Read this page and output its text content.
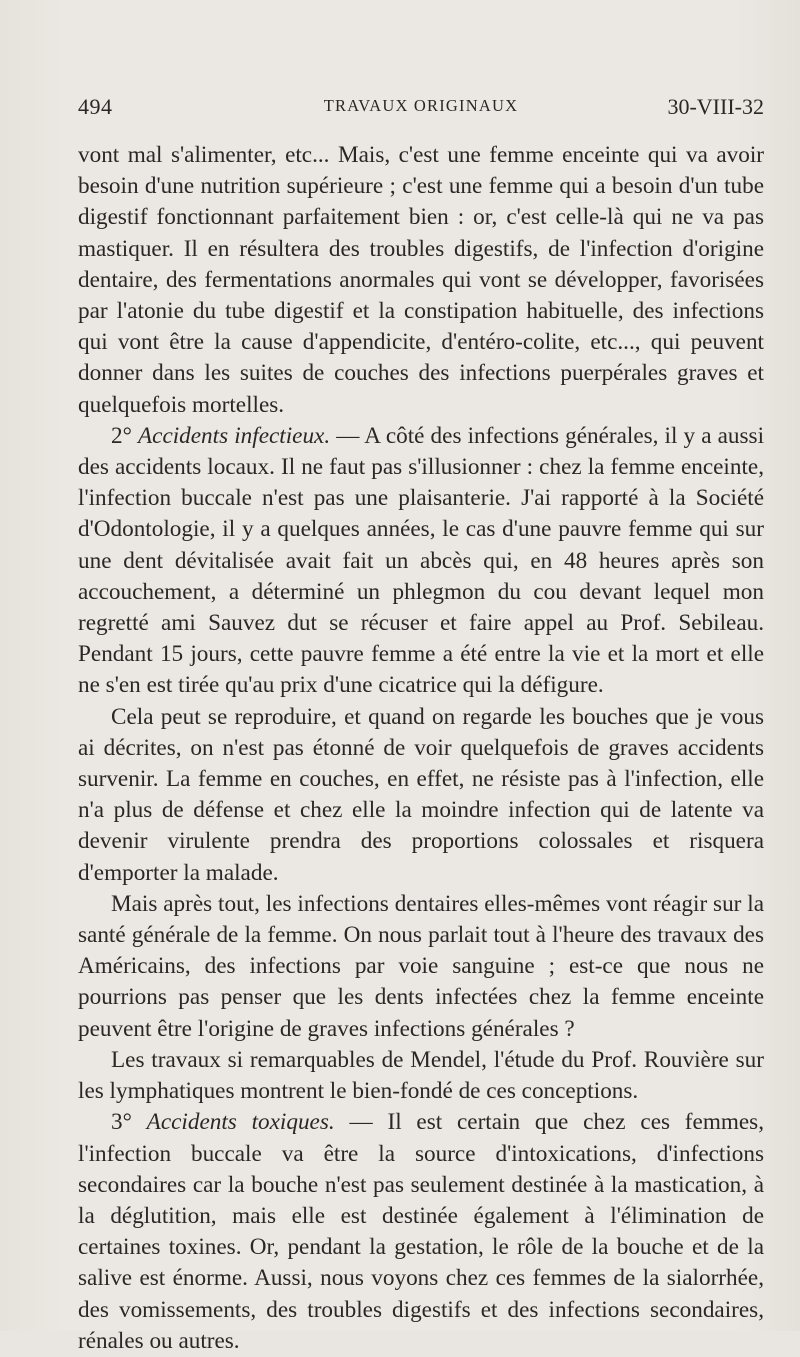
494	TRAVAUX ORIGINAUX	30-VIII-32

vont mal s'alimenter, etc... Mais, c'est une femme enceinte qui va avoir besoin d'une nutrition supérieure ; c'est une femme qui a besoin d'un tube digestif fonctionnant parfaitement bien : or, c'est celle-là qui ne va pas mastiquer. Il en résultera des troubles digestifs, de l'infection d'origine dentaire, des fermentations anormales qui vont se développer, favorisées par l'atonie du tube digestif et la constipation habituelle, des infections qui vont être la cause d'appendicite, d'entéro-colite, etc..., qui peuvent donner dans les suites de couches des infections puerpérales graves et quelquefois mortelles.

2° Accidents infectieux. — A côté des infections générales, il y a aussi des accidents locaux. Il ne faut pas s'illusionner : chez la femme enceinte, l'infection buccale n'est pas une plaisanterie. J'ai rapporté à la Société d'Odontologie, il y a quelques années, le cas d'une pauvre femme qui sur une dent dévitalisée avait fait un abcès qui, en 48 heures après son accouchement, a déterminé un phlegmon du cou devant lequel mon regretté ami Sauvez dut se récuser et faire appel au Prof. Sebileau. Pendant 15 jours, cette pauvre femme a été entre la vie et la mort et elle ne s'en est tirée qu'au prix d'une cicatrice qui la défigure.

Cela peut se reproduire, et quand on regarde les bouches que je vous ai décrites, on n'est pas étonné de voir quelquefois de graves accidents survenir. La femme en couches, en effet, ne résiste pas à l'infection, elle n'a plus de défense et chez elle la moindre infection qui de latente va devenir virulente prendra des proportions colossales et risquera d'emporter la malade.

Mais après tout, les infections dentaires elles-mêmes vont réagir sur la santé générale de la femme. On nous parlait tout à l'heure des travaux des Américains, des infections par voie sanguine ; est-ce que nous ne pourrions pas penser que les dents infectées chez la femme enceinte peuvent être l'origine de graves infections générales ?

Les travaux si remarquables de Mendel, l'étude du Prof. Rouvière sur les lymphatiques montrent le bien-fondé de ces conceptions.

3° Accidents toxiques. — Il est certain que chez ces femmes, l'infection buccale va être la source d'intoxications, d'infections secondaires car la bouche n'est pas seulement destinée à la mastication, à la déglutition, mais elle est destinée également à l'élimination de certaines toxines. Or, pendant la gestation, le rôle de la bouche et de la salive est énorme. Aussi, nous voyons chez ces femmes de la sialorrhée, des vomissements, des troubles digestifs et des infections secondaires, rénales ou autres.
